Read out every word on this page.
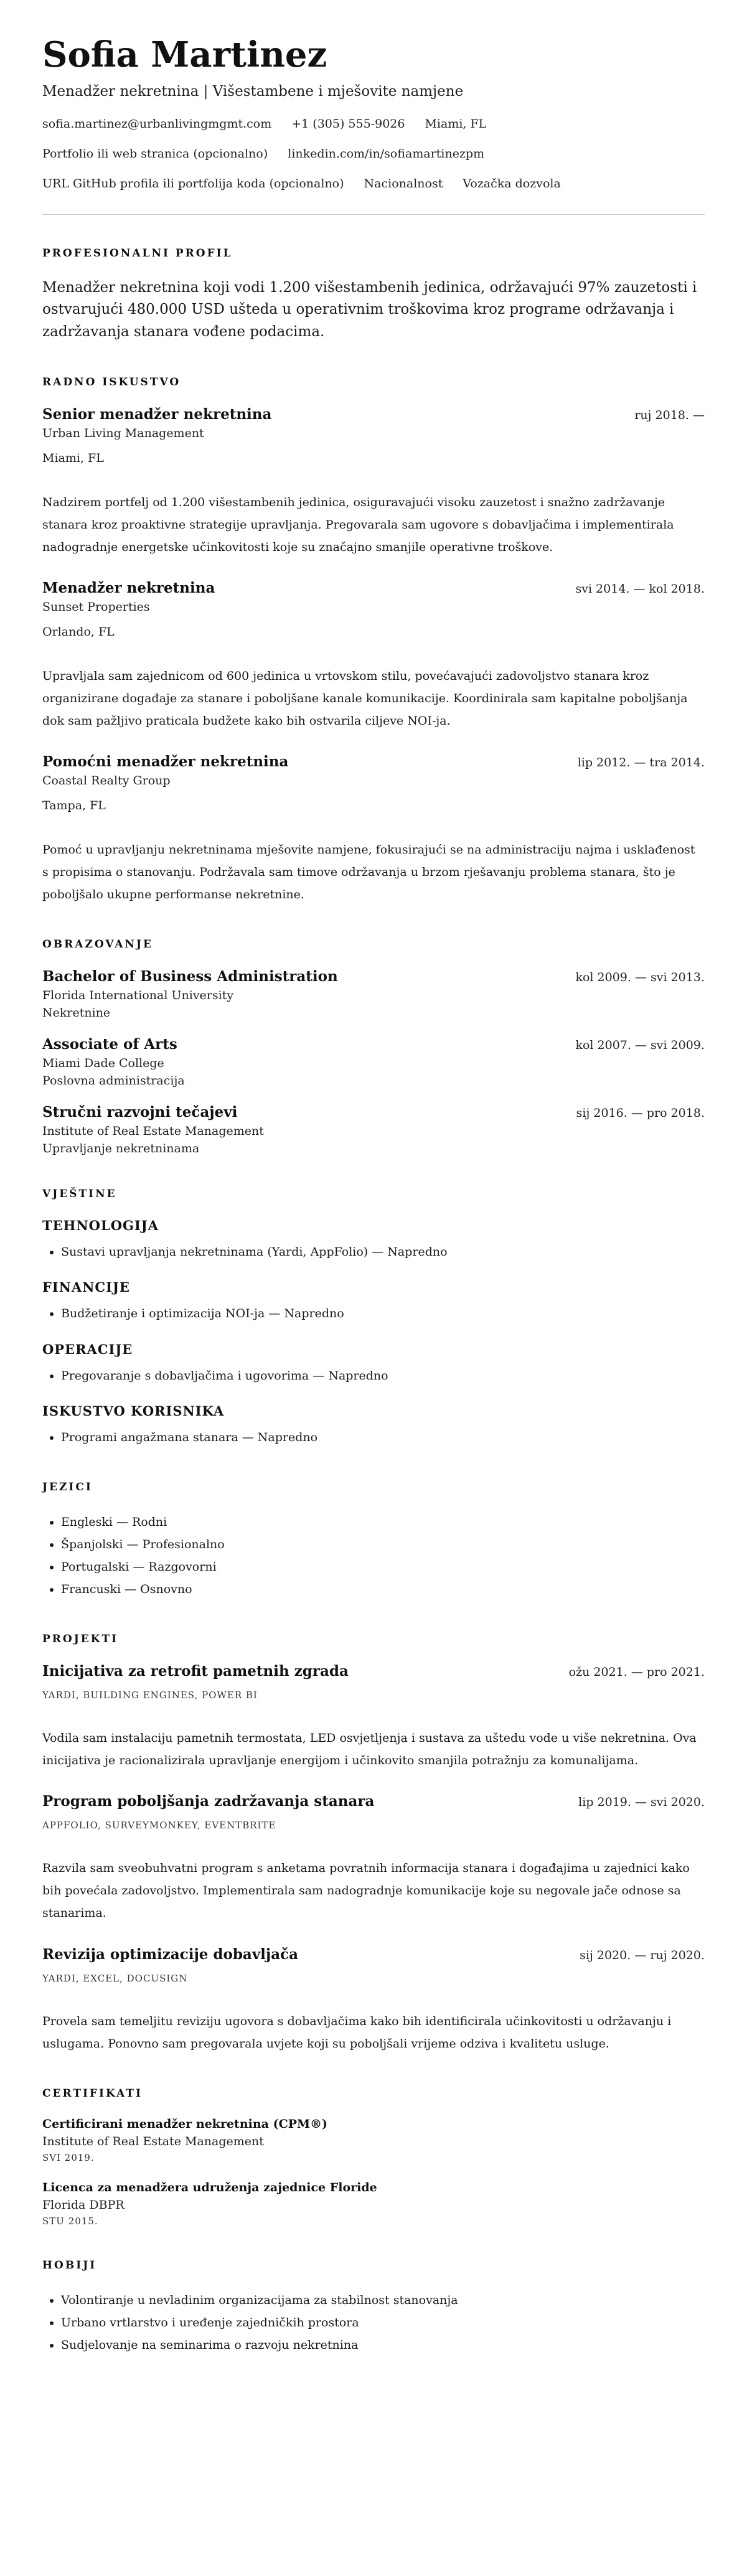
Sofia Martinez
Menadžer nekretnina | Višestambene i mješovite namjene
sofia.martinez@urbanlivingmgmt.com +1 (305) 555-9026 Miami, FL
Portfolio ili web stranica (opcionalno) linkedin.com/in/sofiamartinezpm
URL GitHub profila ili portfolija koda (opcionalno) Nacionalnost Vozačka dozvola
PROFESIONALNI PROFIL

Menadžer nekretnina koji vodi 1.200 višestambenih jedinica, održavajući 97% zauzetosti i ostvarujući 480.000 USD ušteda u operativnim troškovima kroz programe održavanja i zadržavanja stanara vođene podacima.

RADNO ISKUSTVO
Senior menadžer nekretnina	ruj 2018. —
Urban Living Management
Miami, FL

Nadzirem portfelj od 1.200 višestambenih jedinica, osiguravajući visoku zauzetost i snažno zadržavanje stanara kroz proaktivne strategije upravljanja. Pregovarala sam ugovore s dobavljačima i implementirala nadogradnje energetske učinkovitosti koje su značajno smanjile operativne troškove.

Menadžer nekretnina	svi 2014. — kol 2018.
Sunset Properties
Orlando, FL

Upravljala sam zajednicom od 600 jedinica u vrtovskom stilu, povećavajući zadovoljstvo stanara kroz organizirane događaje za stanare i poboljšane kanale komunikacije. Koordinirala sam kapitalne poboljšanja dok sam pažljivo praticala budžete kako bih ostvarila ciljeve NOI-ja.

Pomoćni menadžer nekretnina	lip 2012. — tra 2014.
Coastal Realty Group
Tampa, FL

Pomoć u upravljanju nekretninama mješovite namjene, fokusirajući se na administraciju najma i usklađenost s propisima o stanovanju. Podržavala sam timove održavanja u brzom rješavanju problema stanara, što je poboljšalo ukupne performanse nekretnine.

OBRAZOVANJE
Bachelor of Business Administration	kol 2009. — svi 2013.
Florida International University
Nekretnine
Associate of Arts	kol 2007. — svi 2009.
Miami Dade College
Poslovna administracija
Stručni razvojni tečajevi	sij 2016. — pro 2018.
Institute of Real Estate Management
Upravljanje nekretninama
VJEŠTINE
TEHNOLOGIJA
• Sustavi upravljanja nekretninama (Yardi, AppFolio) — Napredno
FINANCIJE
• Budžetiranje i optimizacija NOI-ja — Napredno
OPERACIJE
• Pregovaranje s dobavljačima i ugovorima — Napredno
ISKUSTVO KORISNIKA
• Programi angažmana stanara — Napredno
JEZICI
• Engleski — Rodni
• Španjolski — Profesionalno
• Portugalski — Razgovorni
• Francuski — Osnovno
PROJEKTI
Inicijativa za retrofit pametnih zgrada	ožu 2021. — pro 2021.
YARDI, BUILDING ENGINES, POWER BI

Vodila sam instalaciju pametnih termostata, LED osvjetljenja i sustava za uštedu vode u više nekretnina. Ova inicijativa je racionalizirala upravljanje energijom i učinkovito smanjila potražnju za komunalijama.

Program poboljšanja zadržavanja stanara	lip 2019. — svi 2020.
APPFOLIO, SURVEYMONKEY, EVENTBRITE

Razvila sam sveobuhvatni program s anketama povratnih informacija stanara i događajima u zajednici kako bih povećala zadovoljstvo. Implementirala sam nadogradnje komunikacije koje su negovale jače odnose sa stanarima.

Revizija optimizacije dobavljača	sij 2020. — ruj 2020.
YARDI, EXCEL, DOCUSIGN

Provela sam temeljitu reviziju ugovora s dobavljačima kako bih identificirala učinkovitosti u održavanju i uslugama. Ponovno sam pregovarala uvjete koji su poboljšali vrijeme odziva i kvalitetu usluge.

CERTIFIKATI
Certificirani menadžer nekretnina (CPM®)
Institute of Real Estate Management
SVI 2019.
Licenca za menadžera udruženja zajednice Floride
Florida DBPR
STU 2015.
HOBIJI
• Volontiranje u nevladinim organizacijama za stabilnost stanovanja
• Urbano vrtlarstvo i uređenje zajedničkih prostora
• Sudjelovanje na seminarima o razvoju nekretnina
